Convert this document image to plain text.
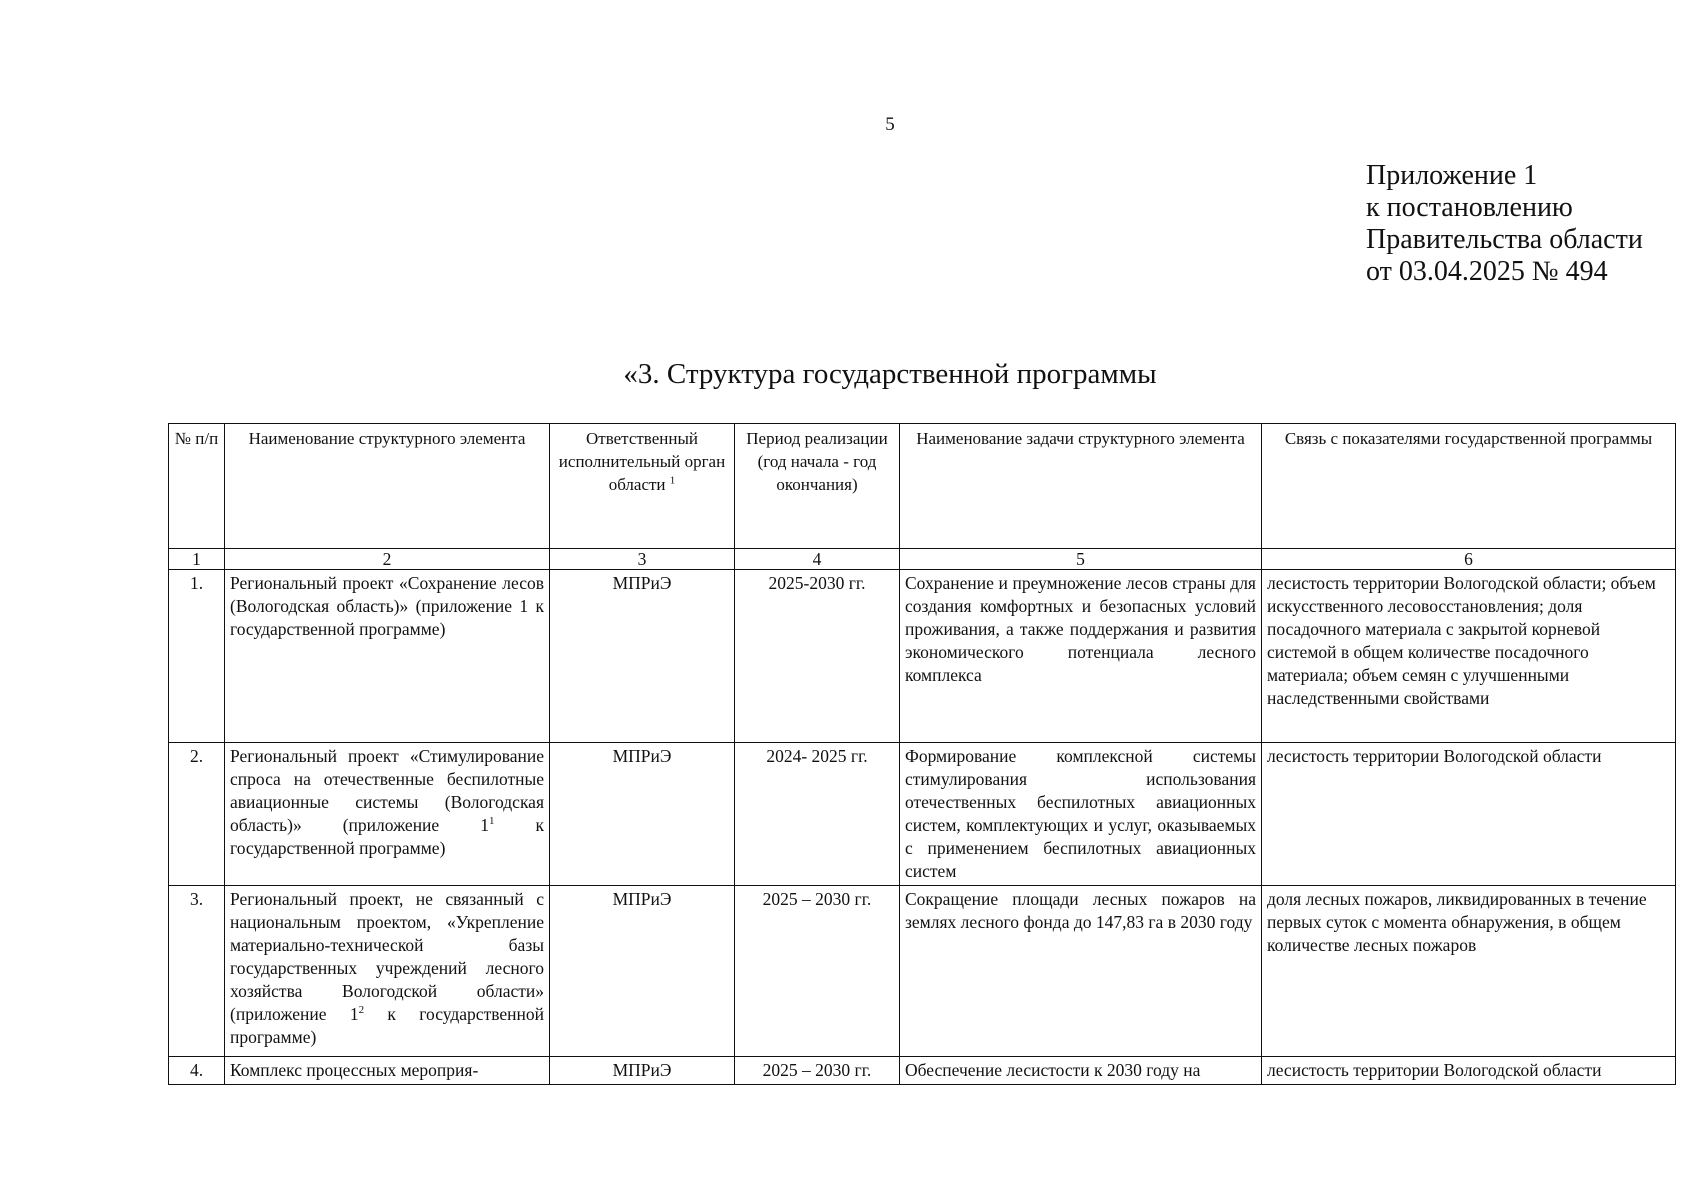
5
Приложение 1
к постановлению
Правительства области
от 03.04.2025 № 494
«3. Структура государственной программы
№ п/п	Наименование структурного элемента	Ответственный исполнительный орган области $^1$	Период реализации (год начала - год окончания)	Наименование задачи структурного элемента	Связь с показателями государственной программы
1	2	3	4	5	6
1.	Региональный проект «Сохранение лесов (Вологодская область)» (приложение 1 к государственной программе)	МПРиЭ	2025-2030 гг.	Сохранение и преумножение лесов страны для создания комфортных и безопасных условий проживания, а также поддержания и развития экономического потенциала лесного комплекса	лесистость территории Вологодской области; объем искусственного лесовосстановления; доля посадочного материала с закрытой корневой системой в общем количестве посадочного материала; объем семян с улучшенными наследственными свойствами
2.	Региональный проект «Стимулирование спроса на отечественные беспилотные авиационные системы (Вологодская область)» (приложение $1^1$ к государственной программе)	МПРиЭ	2024- 2025 гг.	Формирование комплексной системы стимулирования использования отечественных беспилотных авиационных систем, комплектующих и услуг, оказываемых с применением беспилотных авиационных систем	лесистость территории Вологодской области
3.	Региональный проект, не связанный с национальным проектом, «Укрепление материально-технической базы государственных учреждений лесного хозяйства Вологодской области» (приложение $1^2$ к государственной программе)	МПРиЭ	2025 – 2030 гг.	Сокращение площади лесных пожаров на землях лесного фонда до 147,83 га в 2030 году	доля лесных пожаров, ликвидированных в течение первых суток с момента обнаружения, в общем количестве лесных пожаров
4.	Комплекс процессных мероприя-	МПРиЭ	2025 – 2030 гг.	Обеспечение лесистости к 2030 году на	лесистость территории Вологодской области
